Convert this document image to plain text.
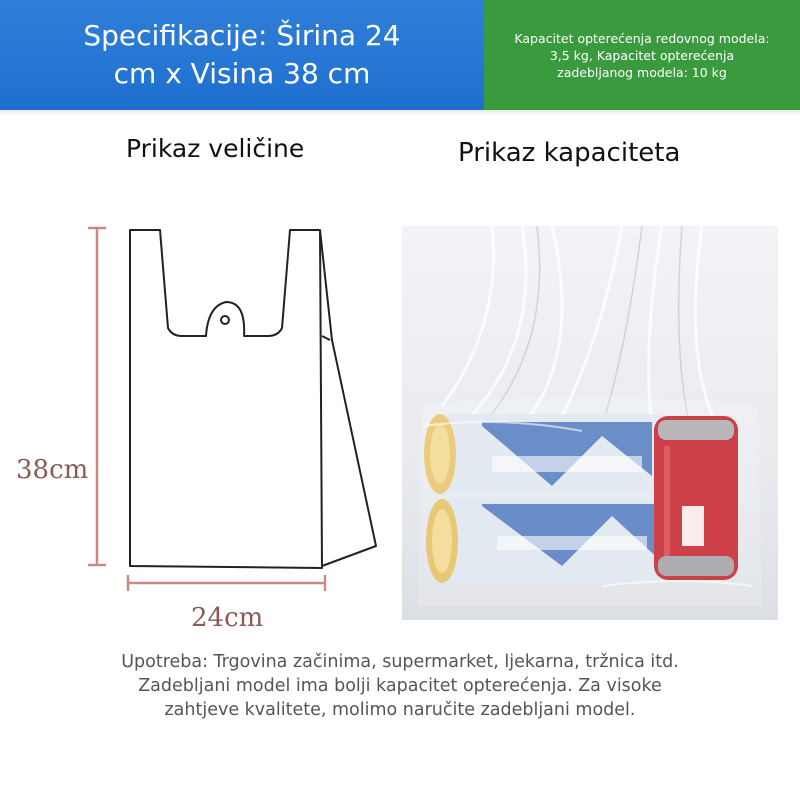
Specifikacije: Širina 24 cm x Visina 38 cm
Kapacitet opterećenja redovnog modela: 3,5 kg, Kapacitet opterećenja zadebljanog modela: 10 kg
Prikaz veličine	Prikaz kapaciteta
38cm
24cm
Upotreba: Trgovina začinima, supermarket, ljekarna, tržnica itd.
Zadebljani model ima bolji kapacitet opterećenja. Za visoke
zahtjeve kvalitete, molimo naručite zadebljani model.
